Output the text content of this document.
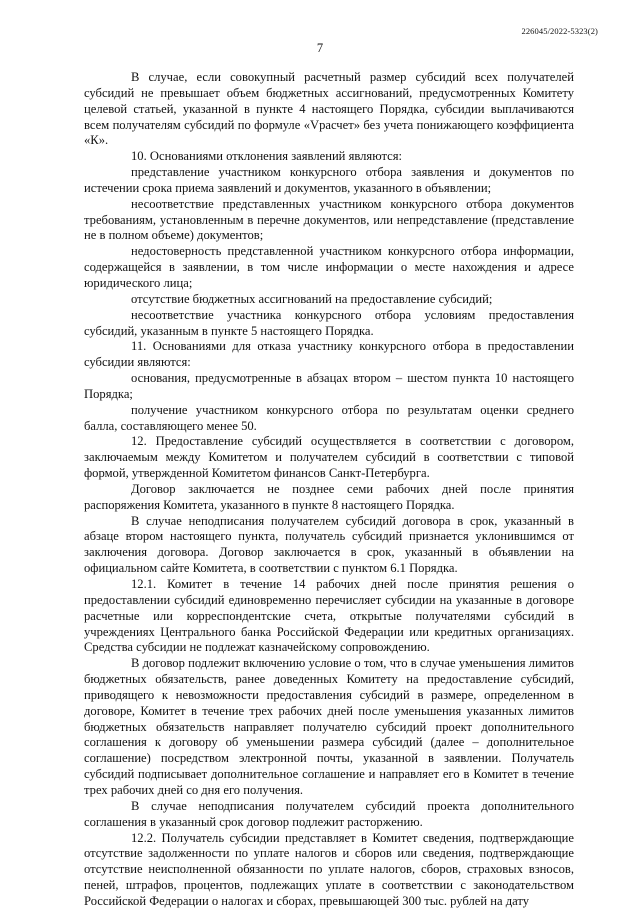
226045/2022-5323(2)
7

В случае, если совокупный расчетный размер субсидий всех получателей субсидий не превышает объем бюджетных ассигнований, предусмотренных Комитету целевой статьей, указанной в пункте 4 настоящего Порядка, субсидии выплачиваются всем получателям субсидий по формуле «Vрасчет» без учета понижающего коэффициента «К».

10. Основаниями отклонения заявлений являются:

представление участником конкурсного отбора заявления и документов по истечении срока приема заявлений и документов, указанного в объявлении;

несоответствие представленных участником конкурсного отбора документов требованиям, установленным в перечне документов, или непредставление (представление не в полном объеме) документов;

недостоверность представленной участником конкурсного отбора информации, содержащейся в заявлении, в том числе информации о месте нахождения и адресе юридического лица;

отсутствие бюджетных ассигнований на предоставление субсидий;

несоответствие участника конкурсного отбора условиям предоставления субсидий, указанным в пункте 5 настоящего Порядка.

11. Основаниями для отказа участнику конкурсного отбора в предоставлении субсидии являются:

основания, предусмотренные в абзацах втором – шестом пункта 10 настоящего Порядка;

получение участником конкурсного отбора по результатам оценки среднего балла, составляющего менее 50.

12. Предоставление субсидий осуществляется в соответствии с договором, заключаемым между Комитетом и получателем субсидий в соответствии с типовой формой, утвержденной Комитетом финансов Санкт-Петербурга.

Договор заключается не позднее семи рабочих дней после принятия распоряжения Комитета, указанного в пункте 8 настоящего Порядка.

В случае неподписания получателем субсидий договора в срок, указанный в абзаце втором настоящего пункта, получатель субсидий признается уклонившимся от заключения договора. Договор заключается в срок, указанный в объявлении на официальном сайте Комитета, в соответствии с пунктом 6.1 Порядка.

12.1. Комитет в течение 14 рабочих дней после принятия решения о предоставлении субсидий единовременно перечисляет субсидии на указанные в договоре расчетные или корреспондентские счета, открытые получателями субсидий в учреждениях Центрального банка Российской Федерации или кредитных организациях. Средства субсидии не подлежат казначейскому сопровождению.

В договор подлежит включению условие о том, что в случае уменьшения лимитов бюджетных обязательств, ранее доведенных Комитету на предоставление субсидий, приводящего к невозможности предоставления субсидий в размере, определенном в договоре, Комитет в течение трех рабочих дней после уменьшения указанных лимитов бюджетных обязательств направляет получателю субсидий проект дополнительного соглашения к договору об уменьшении размера субсидий (далее – дополнительное соглашение) посредством электронной почты, указанной в заявлении. Получатель субсидий подписывает дополнительное соглашение и направляет его в Комитет в течение трех рабочих дней со дня его получения.

В случае неподписания получателем субсидий проекта дополнительного соглашения в указанный срок договор подлежит расторжению.

12.2. Получатель субсидии представляет в Комитет сведения, подтверждающие отсутствие задолженности по уплате налогов и сборов или сведения, подтверждающие отсутствие неисполненной обязанности по уплате налогов, сборов, страховых взносов, пеней, штрафов, процентов, подлежащих уплате в соответствии с законодательством Российской Федерации о налогах и сборах, превышающей 300 тыс. рублей на дату
